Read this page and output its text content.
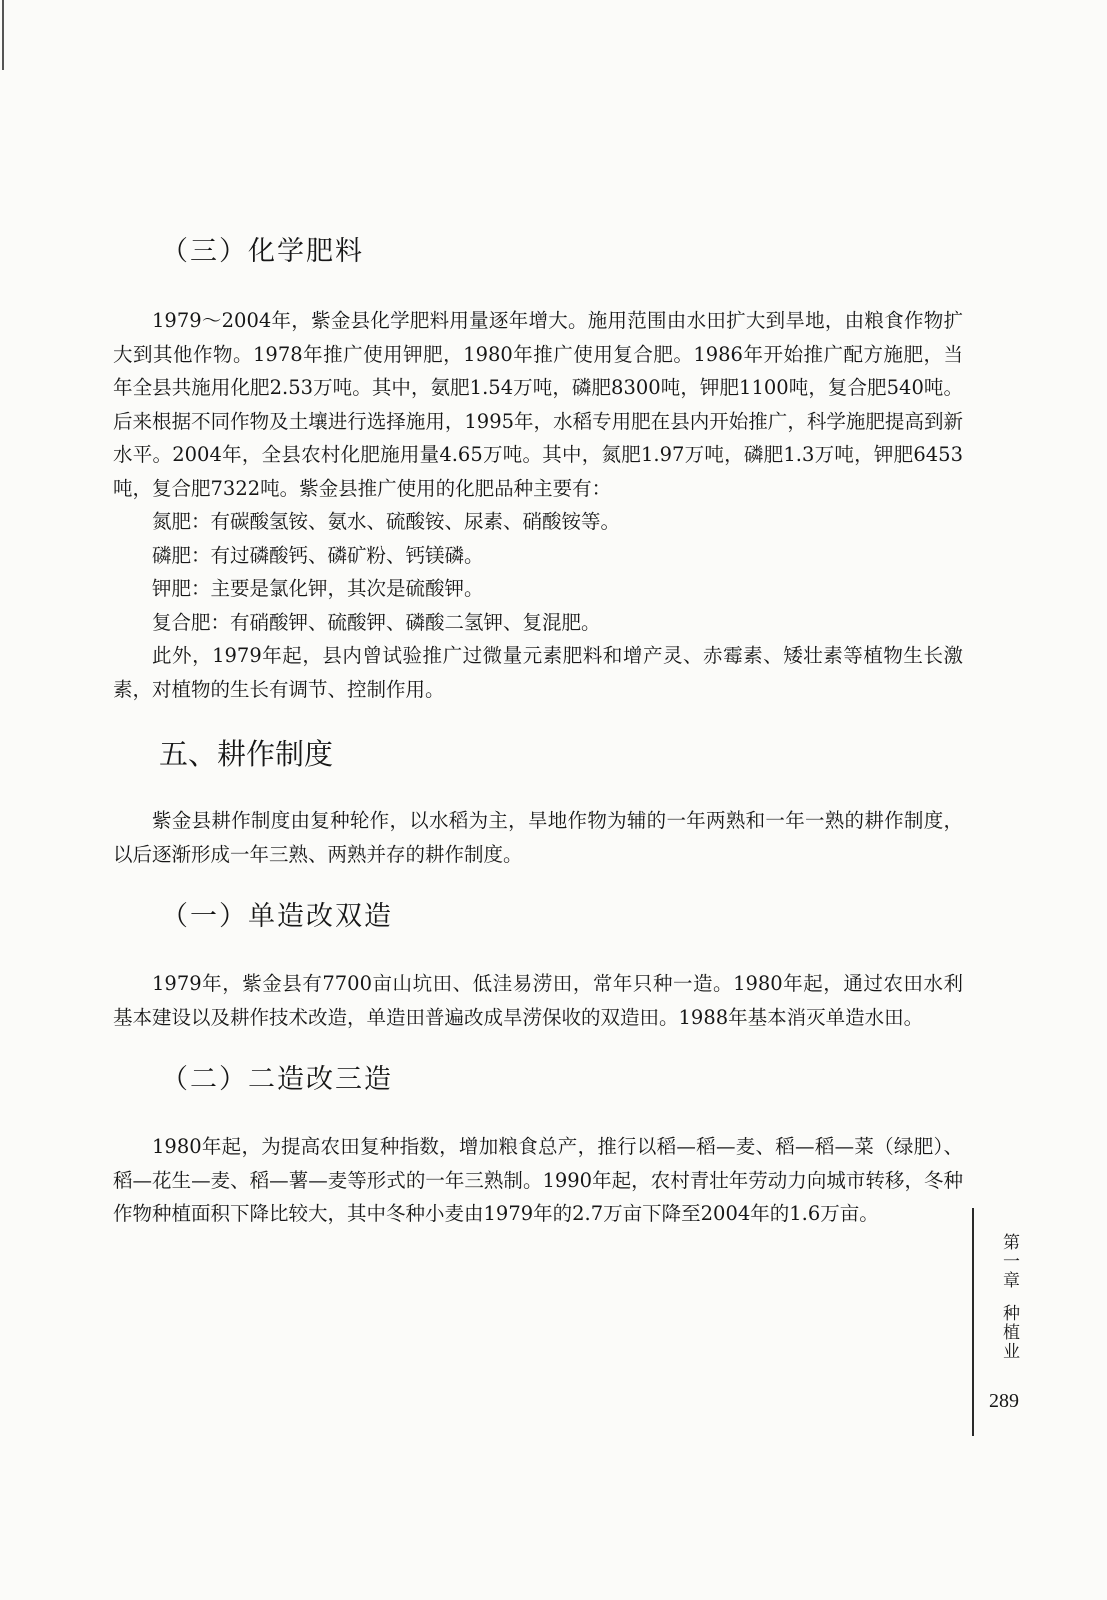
（三）化学肥料

1979～2004年，紫金县化学肥料用量逐年增大。施用范围由水田扩大到旱地，由粮食作物扩大到其他作物。1978年推广使用钾肥，1980年推广使用复合肥。1986年开始推广配方施肥，当年全县共施用化肥2.53万吨。其中，氨肥1.54万吨，磷肥8300吨，钾肥1100吨，复合肥540吨。后来根据不同作物及土壤进行选择施用，1995年，水稻专用肥在县内开始推广，科学施肥提高到新水平。2004年，全县农村化肥施用量4.65万吨。其中，氮肥1.97万吨，磷肥1.3万吨，钾肥6453吨，复合肥7322吨。紫金县推广使用的化肥品种主要有：

氮肥：有碳酸氢铵、氨水、硫酸铵、尿素、硝酸铵等。

磷肥：有过磷酸钙、磷矿粉、钙镁磷。

钾肥：主要是氯化钾，其次是硫酸钾。

复合肥：有硝酸钾、硫酸钾、磷酸二氢钾、复混肥。

此外，1979年起，县内曾试验推广过微量元素肥料和增产灵、赤霉素、矮壮素等植物生长激素，对植物的生长有调节、控制作用。

五、耕作制度

紫金县耕作制度由复种轮作，以水稻为主，旱地作物为辅的一年两熟和一年一熟的耕作制度，以后逐渐形成一年三熟、两熟并存的耕作制度。

（一）单造改双造

1979年，紫金县有7700亩山坑田、低洼易涝田，常年只种一造。1980年起，通过农田水利基本建设以及耕作技术改造，单造田普遍改成旱涝保收的双造田。1988年基本消灭单造水田。

（二）二造改三造

1980年起，为提高农田复种指数，增加粮食总产，推行以稻—稻—麦、稻—稻—菜（绿肥）、稻—花生—麦、稻—薯—麦等形式的一年三熟制。1990年起，农村青壮年劳动力向城市转移，冬种作物种植面积下降比较大，其中冬种小麦由1979年的2.7万亩下降至2004年的1.6万亩。

第一章种植业
289
